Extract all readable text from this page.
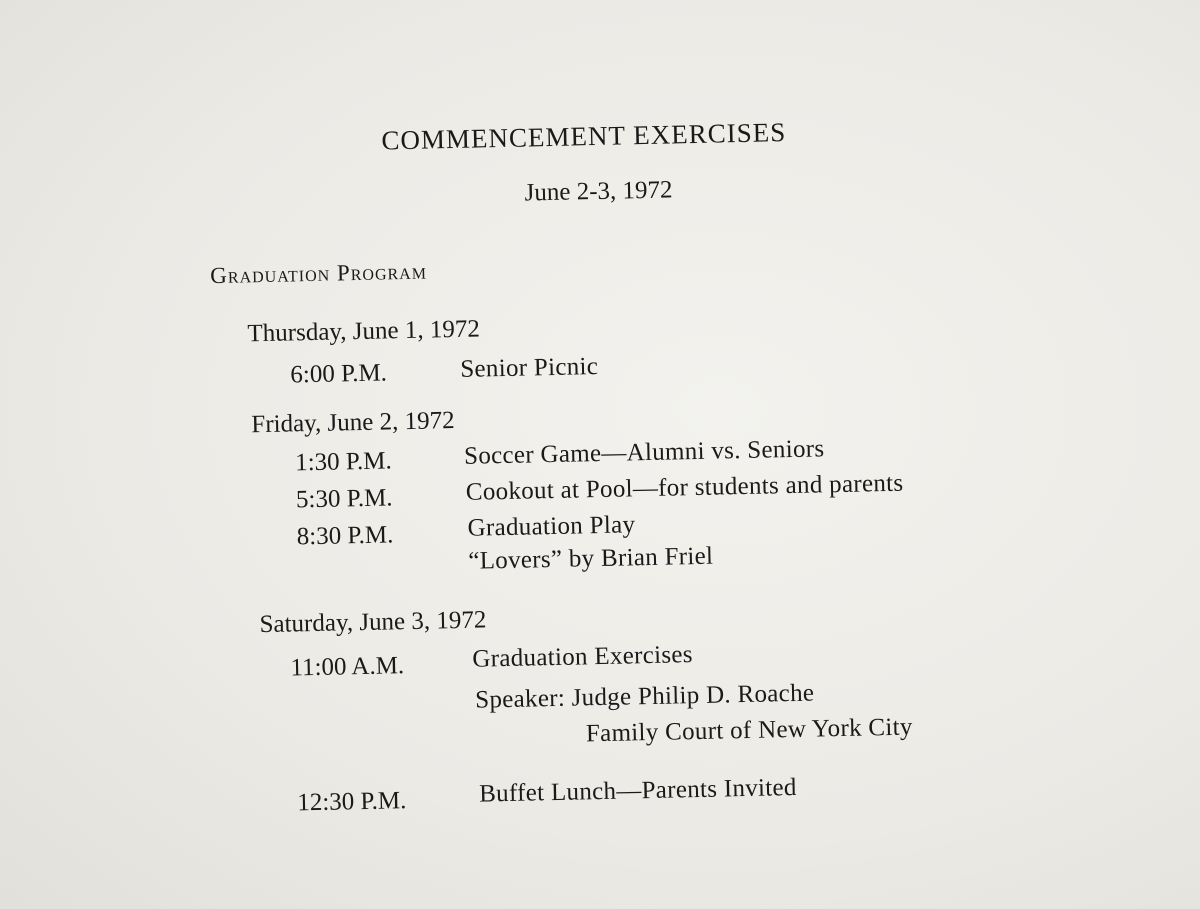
COMMENCEMENT EXERCISES
June 2-3, 1972
Graduation Program
Thursday, June 1, 1972
6:00 P.M.	Senior Picnic
Friday, June 2, 1972
1:30 P.M.	Soccer Game—Alumni vs. Seniors
5:30 P.M.	Cookout at Pool—for students and parents
8:30 P.M.	Graduation Play
“Lovers” by Brian Friel
Saturday, June 3, 1972
11:00 A.M.	Graduation Exercises
Speaker: Judge Philip D. Roache
Family Court of New York City
12:30 P.M.	Buffet Lunch—Parents Invited
